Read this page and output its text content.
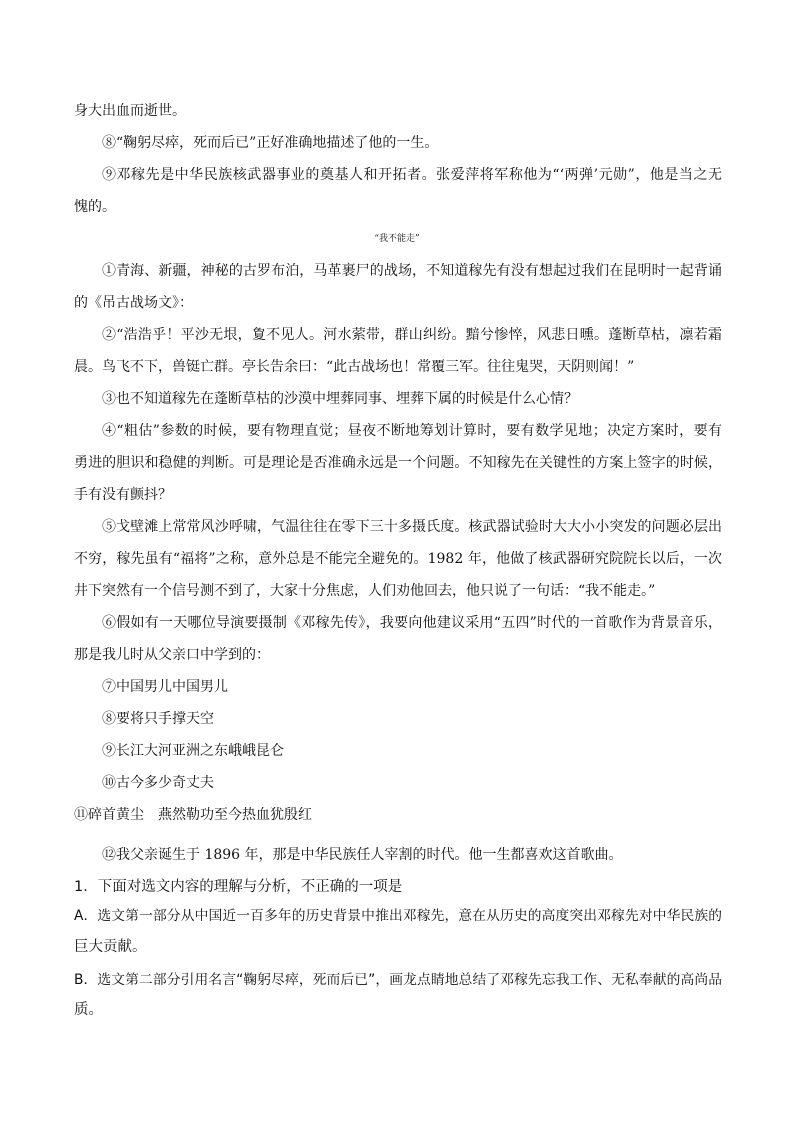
身大出血而逝世。
⑧“鞠躬尽瘁，死而后已”正好准确地描述了他的一生。
⑨邓稼先是中华民族核武器事业的奠基人和开拓者。张爱萍将军称他为“‘两弹’元勋”，他是当之无
愧的。
“我不能走”
①青海、新疆，神秘的古罗布泊，马革裹尸的战场，不知道稼先有没有想起过我们在昆明时一起背诵
的《吊古战场文》：
②“浩浩乎！平沙无垠，夐不见人。河水萦带，群山纠纷。黯兮惨悴，风悲日曛。蓬断草枯，凛若霜
晨。鸟飞不下，兽铤亡群。亭长告余曰：“此古战场也！常覆三军。往往鬼哭，天阴则闻！”
③也不知道稼先在蓬断草枯的沙漠中埋葬同事、埋葬下属的时候是什么心情？
④“粗估”参数的时候，要有物理直觉；昼夜不断地筹划计算时，要有数学见地；决定方案时，要有
勇进的胆识和稳健的判断。可是理论是否准确永远是一个问题。不知稼先在关键性的方案上签字的时候，
手有没有颤抖？
⑤戈壁滩上常常风沙呼啸，气温往往在零下三十多摄氏度。核武器试验时大大小小突发的问题必层出
不穷，稼先虽有“福将”之称，意外总是不能完全避免的。1982 年，他做了核武器研究院院长以后，一次
井下突然有一个信号测不到了，大家十分焦虑，人们劝他回去，他只说了一句话：“我不能走。”
⑥假如有一天哪位导演要摄制《邓稼先传》，我要向他建议采用“五四”时代的一首歌作为背景音乐，
那是我儿时从父亲口中学到的：
⑦中国男儿中国男儿
⑧要将只手撑天空
⑨长江大河亚洲之东峨峨昆仑
⑩古今多少奇丈夫
⑪碎首黄尘　燕然勒功至今热血犹殷红
⑫我父亲诞生于 1896 年，那是中华民族任人宰割的时代。他一生都喜欢这首歌曲。
1．下面对选文内容的理解与分析，不正确的一项是
A．选文第一部分从中国近一百多年的历史背景中推出邓稼先，意在从历史的高度突出邓稼先对中华民族的
巨大贡献。
B．选文第二部分引用名言“鞠躬尽瘁，死而后已”，画龙点睛地总结了邓稼先忘我工作、无私奉献的高尚品
质。
